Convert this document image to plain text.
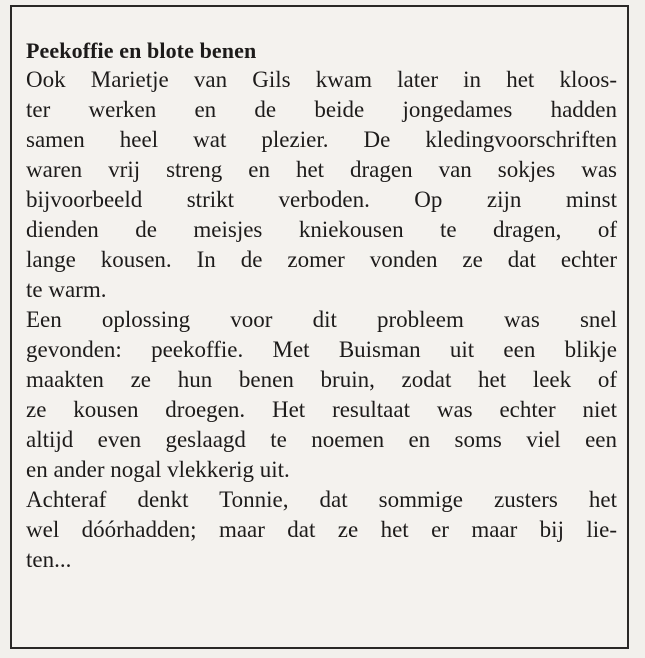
Peekoffie en blote benen
Ook Marietje van Gils kwam later in het kloos-
ter werken en de beide jongedames hadden
samen heel wat plezier. De kledingvoorschriften
waren vrij streng en het dragen van sokjes was
bijvoorbeeld strikt verboden. Op zijn minst
dienden de meisjes kniekousen te dragen, of
lange kousen. In de zomer vonden ze dat echter
te warm.
Een oplossing voor dit probleem was snel
gevonden: peekoffie. Met Buisman uit een blikje
maakten ze hun benen bruin, zodat het leek of
ze kousen droegen. Het resultaat was echter niet
altijd even geslaagd te noemen en soms viel een
en ander nogal vlekkerig uit.
Achteraf denkt Tonnie, dat sommige zusters het
wel dóórhadden; maar dat ze het er maar bij lie-
ten...
